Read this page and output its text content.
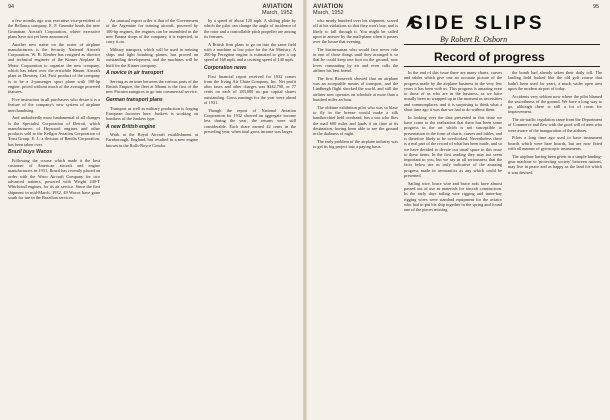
94	AVIATION
March, 1952

a few months ago was executive vice-president of the Bellanca company. E. F. Gruenke heads the new Grumman Aircraft Corporation, where executive plans have not yet been announced.

Another new name on the roster of airplane manufacturers is the Security National Aircraft Corporation. W. B. Kimber has resigned as director and technical engineer of the Kinner Airplane & Motor Corporation to organize the new company, which has taken over the erstwhile Kinner Aircraft plant in Downey, Cal. First product of the company is to be a 2-passenger sport plane with 100-hp engine, priced without much of the average powered features.

Five instruction in all purchasers who desire it is a feature of the company's new system of airplane merchandising.

And undoubtedly most fundamental of all changes is the Specialist Corporation of Detroit, which manufacturers of Heywood engines and other products sold to the Kellgos Aviation Corporation of Trust Group. E. J., a division of Bendix Corporation, has been taken over.

Brazil buys Wacos

Following the course which made it the best customer of American aircraft and engine manufacturers in 1931, Brazil has recently placed an order with the Waco Aircraft Company for two advanced trainers, powered with Wright 240-T Whirlwind engines, for its air service. Since the first shipment in mid-March, 1932, 49 Wacos have gone south for use in the Brazilian services.

An unusual export order is that of the Government of the Argentine for training aircraft, powered by 100-hp engines, the engines can be assembled in the new Parana shops of the company, it is expected, to carry it on.

Military transport, which will be used in training ships and light bombing planes, has proved an outstanding development, and the machines will be built for the Kinner company.

A novice in air transport

Serving as an inter between the various parts of the British Empire, the fleet at Miami is the first of the new Pitcairn autogiros to go into commercial service.

German transport plans

Transport as well as military production is forging European factories here. Junkers is working on bombers of the Junkers type.

A new British engine

Work at the Royal Aircraft establishment at Farnborough, England, has resulted in a new engine known as the Rolls-Royce Condor.

by a speed of about 120 mph. A sliding plate by which the pilot can change the angle of incidence of the rotor and a controllable pitch propeller are among its features.

A British firm plans to go on into the same field with a machine at low price for the Air Ministry. A 200-hp Peregrine engine is estimated to give a top speed of 168 mph, and a cruising speed of 140 mph.

Corporation news

First financial report received for 1932 comes from the Irving Air Chute Company, Inc. Net profit after taxes and other charges was $242,790, or 77 cents on each of 283,000 no par capital shares outstanding. Gross earnings for the year were ahead of 1931.

Though the report of National Aviation Corporation for 1932 showed an aggregate income less during the year, the returns were still considerable. Each share earned 42 cents in the preceding year, when total gross income was larger.

AVIATION
March, 1952
95
SIDE SLIPS
By Robert R. Osborn
Record of progress

In the end of this issue there are many charts, curves and tables which give one an accurate picture of the progress made by the airplane business in the very few years it has been with us. This progress is amazing even to those of us who are in the business, as we have usually been so wrapped up in the moment as necessities and commonplaces, and it is surprising to think what a short time ago it was that we had to do without them.

In looking over the data presented in this issue we have come to the realization that there has been some progress in the art which is not susceptible to presentation in the form of charts, curves and tables, and is therefore likely to be overlooked. Nevertheless there is a real part of the record of what has been made, and so we have decided to devote our usual space in this issue to these items. In the first reading they may not seem important to you, but we say in all seriousness that the facts below are as truly indicative of the amazing progress made in aeronautics as any which could be presented.

Sailing wire, brace wire and brace rods have almost passed out of use as materials for aircraft construction. In the early days tailing wire rigging and inner-bay rigging wires were standard equipment for the aviator who had to put his ship together in the spring and found one of the pieces missing.

who nearly hundred over his shipment, scared off at his violations so that they won't buy, and is likely to fall through it. You might be called upon to answer by the mail-plane when it passes over the house that evening.

The businessman who would face never ride in one of those things until they arranged it so that he could keep one foot on the ground, now loves commuting by air and even calls the airliner his best friend.

The first Roosevelt showed that an airplane was an acceptable means of transport, and the Lindbergh flight shocked the world, and still the airliner now operates on schedule at more than a hundred miles an hour.

The oldtime exhibition pilot who was so blase to fly in the breeze would make a silk handkerchief held overhead, has a son who flies the mail 600 miles and lands it on time at its destination, having been able to see the ground in the darkness of night.

The early problem of the airplane industry was to get its big project into a paying basis.

the bomb had already taken their daily toll. The landing field looked like the old golf course that hadn't been used for years, a much wider open area upon the modern airport of today.

Accidents very seldom now where the pilot blamed the smoothness of the ground. We have a long way to go, although there is still a lot of room for improvement.

The air-traffic regulation came from the Department of Commerce and flew with the good will of men who were aware of the inauguration of the airlines.

Pilots a long time ago used to have instrument boards which were bare boards, but are now fitted with all manner of gyroscopic instruments.

The airplane having been given in a simple landing-gear machine to 'protecting society' between nations, may live in peace and as happy as the land for which it was devised.
